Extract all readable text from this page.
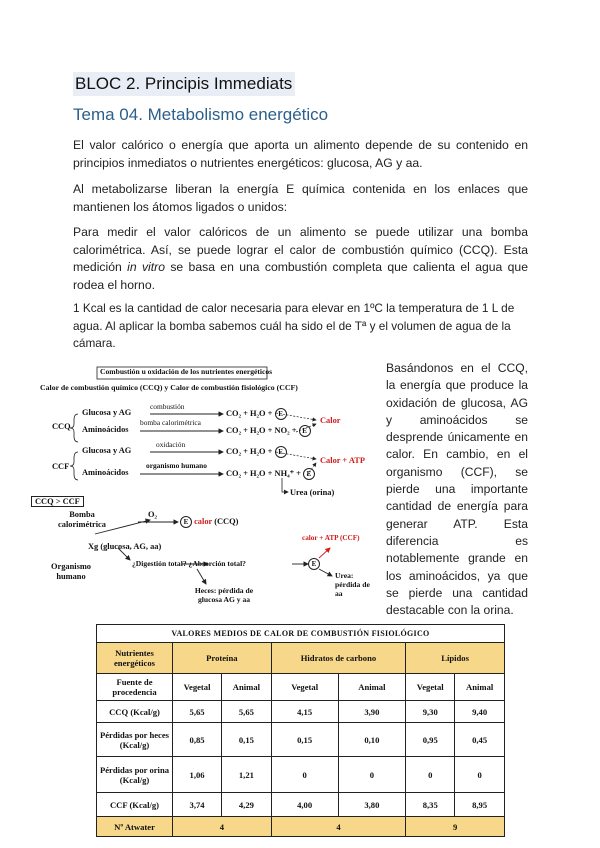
BLOC 2. Principis Immediats
Tema 04. Metabolismo energético
El valor calórico o energía que aporta un alimento depende de su contenido en principios inmediatos o nutrientes energéticos: glucosa, AG y aa.
Al metabolizarse liberan la energía E química contenida en los enlaces que mantienen los átomos ligados o unidos:
Para medir el valor calóricos de un alimento se puede utilizar una bomba calorimétrica. Así, se puede lograr el calor de combustión químico (CCQ). Esta medición in vitro se basa en una combustión completa que calienta el agua que rodea el horno.
1 Kcal es la cantidad de calor necesaria para elevar en 1ºC la temperatura de 1 L de agua. Al aplicar la bomba sabemos cuál ha sido el de Tª y el volumen de agua de la cámara.
Combustión u oxidación de los nutrientes energéticos
Calor de combustión químico (CCQ) y Calor de combustión fisiológico (CCF)
CCQ
Glucosa y AG
Aminoácidos
combustión
bomba calorimétrica
CO₂ + H₂O + E
CO₂ + H₂O + NO₂ + E
Calor
CCF
Glucosa y AG
Aminoácidos
oxidación
organismo humano
CO₂ + H₂O + E
CO₂ + H₂O + NH₄⁺ + E
Calor + ATP
Urea (orina)
CCQ > CCF
Bomba calorimétrica
O₂
E calor (CCQ)
Xg (glucosa, AG, aa)
Organismo humano
¿Digestión total? ¿Absorción total?	E
calor + ATP (CCF)
Urea: pérdida de aa
Heces: pérdida de glucosa AG y aa
Basándonos en el CCQ, la energía que produce la oxidación de glucosa, AG y aminoácidos se desprende únicamente en calor. En cambio, en el organismo (CCF), se pierde una importante cantidad de energía para generar ATP. Esta diferencia es notablemente grande en los aminoácidos, ya que se pierde una cantidad destacable con la orina.
VALORES MEDIOS DE CALOR DE COMBUSTIÓN FISIOLÓGICO						
Nutrientes energéticos	Proteína		Hidratos de carbono		Lípidos	
Fuente de procedencia	Vegetal	Animal	Vegetal	Animal	Vegetal	Animal
CCQ (Kcal/g)	5,65	5,65	4,15	3,90	9,30	9,40
Pérdidas por heces (Kcal/g)	0,85	0,15	0,15	0,10	0,95	0,45
Pérdidas por orina (Kcal/g)	1,06	1,21	0	0	0	0
CCF (Kcal/g)	3,74	4,29	4,00	3,80	8,35	8,95
Nº Atwater	4		4		9	
